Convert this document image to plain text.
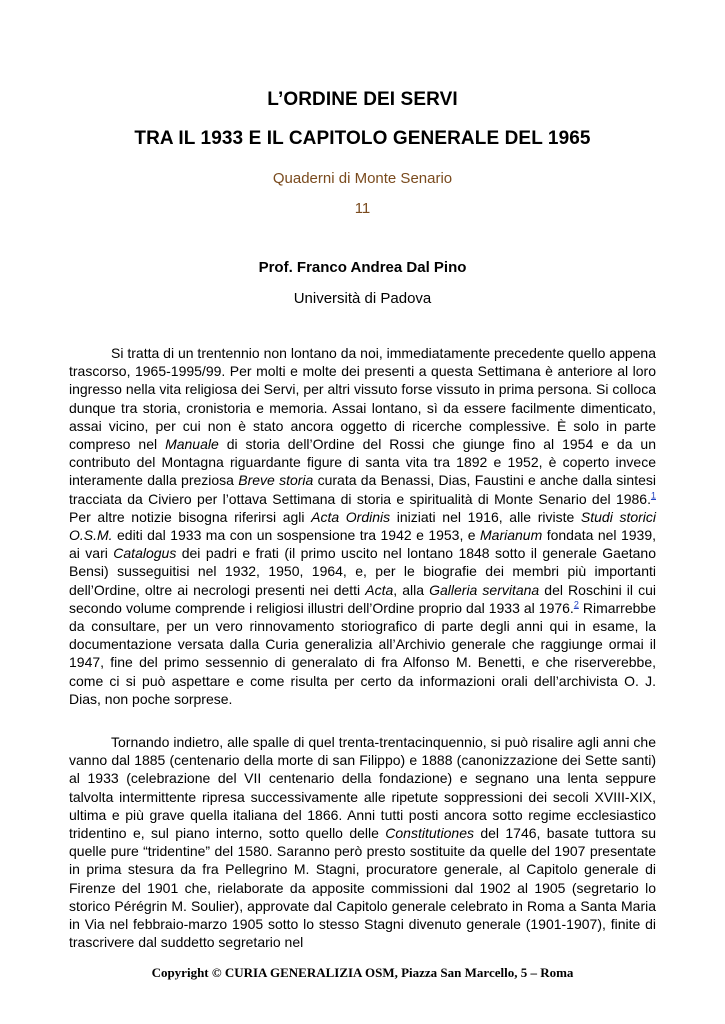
L’ORDINE DEI SERVI
TRA IL 1933 E IL CAPITOLO GENERALE DEL 1965
Quaderni di Monte Senario
11
Prof. Franco Andrea Dal Pino
Università di Padova

Si tratta di un trentennio non lontano da noi, immediatamente precedente quello appena trascorso, 1965-1995/99. Per molti e molte dei presenti a questa Settimana è anteriore al loro ingresso nella vita religiosa dei Servi, per altri vissuto forse vissuto in prima persona. Si colloca dunque tra storia, cronistoria e memoria. Assai lontano, sì da essere facilmente dimenticato, assai vicino, per cui non è stato ancora oggetto di ricerche complessive. È solo in parte compreso nel Manuale di storia dell’Ordine del Rossi che giunge fino al 1954 e da un contributo del Montagna riguardante figure di santa vita tra 1892 e 1952, è coperto invece interamente dalla preziosa Breve storia curata da Benassi, Dias, Faustini e anche dalla sintesi tracciata da Civiero per l’ottava Settimana di storia e spiritualità di Monte Senario del 1986.$^1$ Per altre notizie bisogna riferirsi agli Acta Ordinis iniziati nel 1916, alle riviste Studi storici O.S.M. editi dal 1933 ma con un sospensione tra 1942 e 1953, e Marianum fondata nel 1939, ai vari Catalogus dei padri e frati (il primo uscito nel lontano 1848 sotto il generale Gaetano Bensi) susseguitisi nel 1932, 1950, 1964, e, per le biografie dei membri più importanti dell’Ordine, oltre ai necrologi presenti nei detti Acta, alla Galleria servitana del Roschini il cui secondo volume comprende i religiosi illustri dell’Ordine proprio dal 1933 al 1976.$^2$ Rimarrebbe da consultare, per un vero rinnovamento storiografico di parte degli anni qui in esame, la documentazione versata dalla Curia generalizia all’Archivio generale che raggiunge ormai il 1947, fine del primo sessennio di generalato di fra Alfonso M. Benetti, e che riserverebbe, come ci si può aspettare e come risulta per certo da informazioni orali dell’archivista O. J. Dias, non poche sorprese.

Tornando indietro, alle spalle di quel trenta-trentacinquennio, si può risalire agli anni che vanno dal 1885 (centenario della morte di san Filippo) e 1888 (canonizzazione dei Sette santi) al 1933 (celebrazione del VII centenario della fondazione) e segnano una lenta seppure talvolta intermittente ripresa successivamente alle ripetute soppressioni dei secoli XVIII-XIX, ultima e più grave quella italiana del 1866. Anni tutti posti ancora sotto regime ecclesiastico tridentino e, sul piano interno, sotto quello delle Constitutiones del 1746, basate tuttora su quelle pure “tridentine” del 1580. Saranno però presto sostituite da quelle del 1907 presentate in prima stesura da fra Pellegrino M. Stagni, procuratore generale, al Capitolo generale di Firenze del 1901 che, rielaborate da apposite commissioni dal 1902 al 1905 (segretario lo storico Pérégrin M. Soulier), approvate dal Capitolo generale celebrato in Roma a Santa Maria in Via nel febbraio-marzo 1905 sotto lo stesso Stagni divenuto generale (1901-1907), finite di trascrivere dal suddetto segretario nel

Copyright © CURIA GENERALIZIA OSM, Piazza San Marcello, 5 – Roma
